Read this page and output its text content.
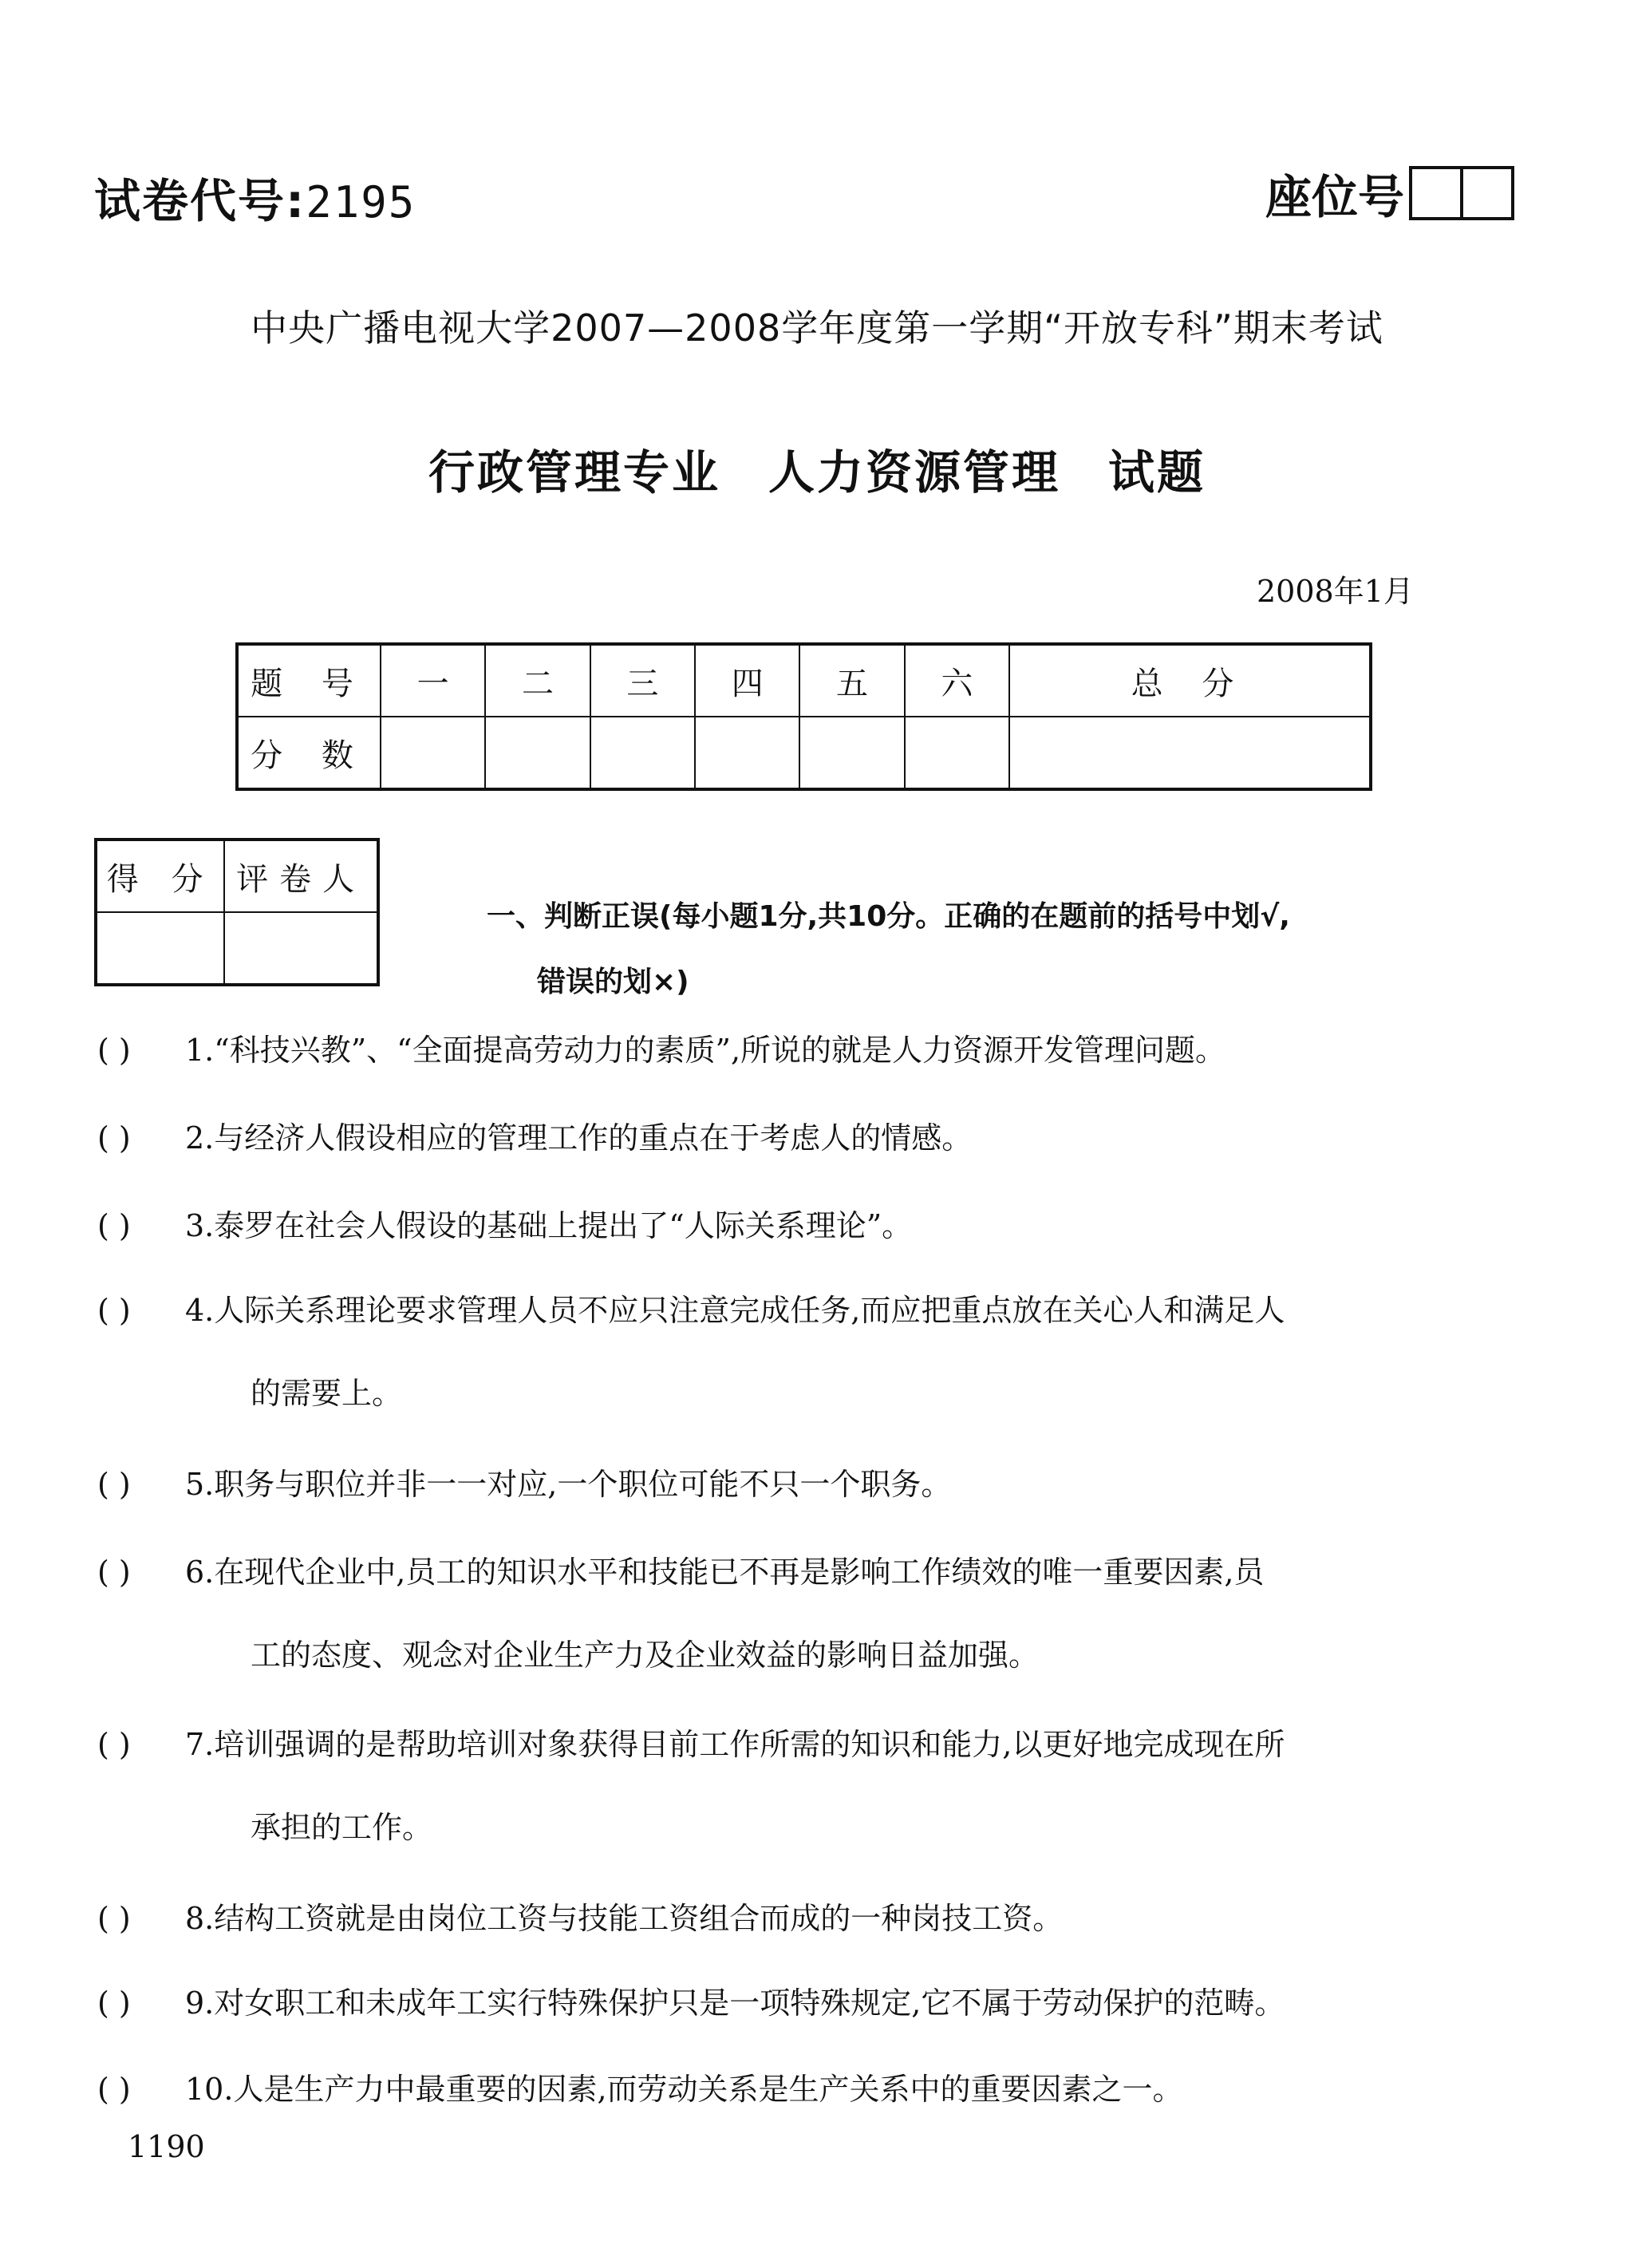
试卷代号:2195	座位号
中央广播电视大学2007—2008学年度第一学期“开放专科”期末考试
行政管理专业 人力资源管理 试题
2008年1月
题 号	一	二	三	四	五	六	总 分
分 数							
得 分	评卷人

一、判断正误(每小题1分,共10分。正确的在题前的括号中划√,
错误的划×)
( ) 1.“科技兴教”、“全面提高劳动力的素质”,所说的就是人力资源开发管理问题。
( ) 2.与经济人假设相应的管理工作的重点在于考虑人的情感。
( ) 3.泰罗在社会人假设的基础上提出了“人际关系理论”。
( ) 4.人际关系理论要求管理人员不应只注意完成任务,而应把重点放在关心人和满足人
的需要上。
( ) 5.职务与职位并非一一对应,一个职位可能不只一个职务。
( ) 6.在现代企业中,员工的知识水平和技能已不再是影响工作绩效的唯一重要因素,员
工的态度、观念对企业生产力及企业效益的影响日益加强。
( ) 7.培训强调的是帮助培训对象获得目前工作所需的知识和能力,以更好地完成现在所
承担的工作。
( ) 8.结构工资就是由岗位工资与技能工资组合而成的一种岗技工资。
( ) 9.对女职工和未成年工实行特殊保护只是一项特殊规定,它不属于劳动保护的范畴。
( ) 10.人是生产力中最重要的因素,而劳动关系是生产关系中的重要因素之一。
1190
